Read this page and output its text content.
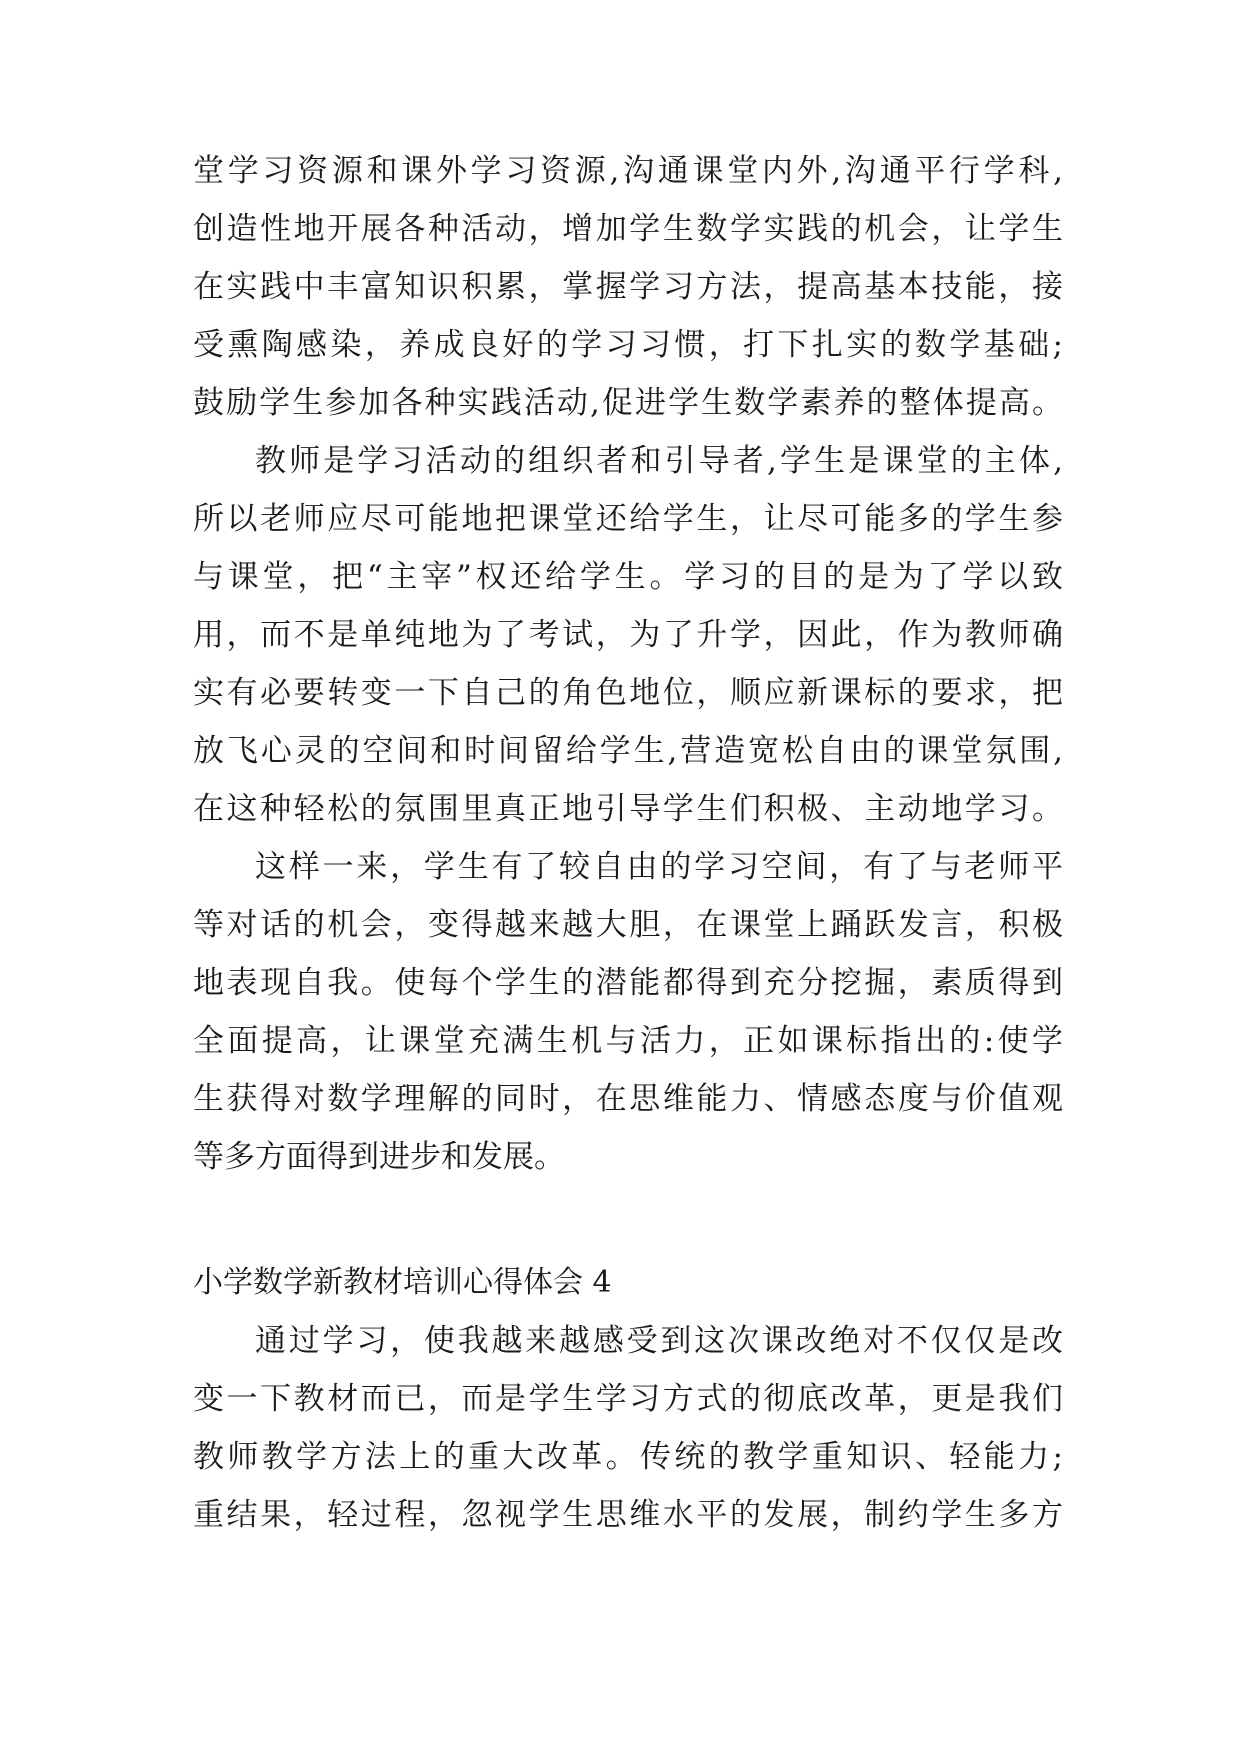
堂学习资源和课外学习资源,沟通课堂内外,沟通平行学科,
创造性地开展各种活动，增加学生数学实践的机会，让学生
在实践中丰富知识积累，掌握学习方法，提高基本技能，接
受熏陶感染，养成良好的学习习惯，打下扎实的数学基础;
鼓励学生参加各种实践活动,促进学生数学素养的整体提高。
教师是学习活动的组织者和引导者,学生是课堂的主体,
所以老师应尽可能地把课堂还给学生，让尽可能多的学生参
与课堂，把“主宰”权还给学生。学习的目的是为了学以致
用，而不是单纯地为了考试，为了升学，因此，作为教师确
实有必要转变一下自己的角色地位，顺应新课标的要求，把
放飞心灵的空间和时间留给学生,营造宽松自由的课堂氛围,
在这种轻松的氛围里真正地引导学生们积极、主动地学习。
这样一来，学生有了较自由的学习空间，有了与老师平
等对话的机会，变得越来越大胆，在课堂上踊跃发言，积极
地表现自我。使每个学生的潜能都得到充分挖掘，素质得到
全面提高，让课堂充满生机与活力，正如课标指出的:使学
生获得对数学理解的同时，在思维能力、情感态度与价值观
等多方面得到进步和发展。
小学数学新教材培训心得体会 4
通过学习，使我越来越感受到这次课改绝对不仅仅是改
变一下教材而已，而是学生学习方式的彻底改革，更是我们
教师教学方法上的重大改革。传统的教学重知识、轻能力;
重结果，轻过程，忽视学生思维水平的发展，制约学生多方
